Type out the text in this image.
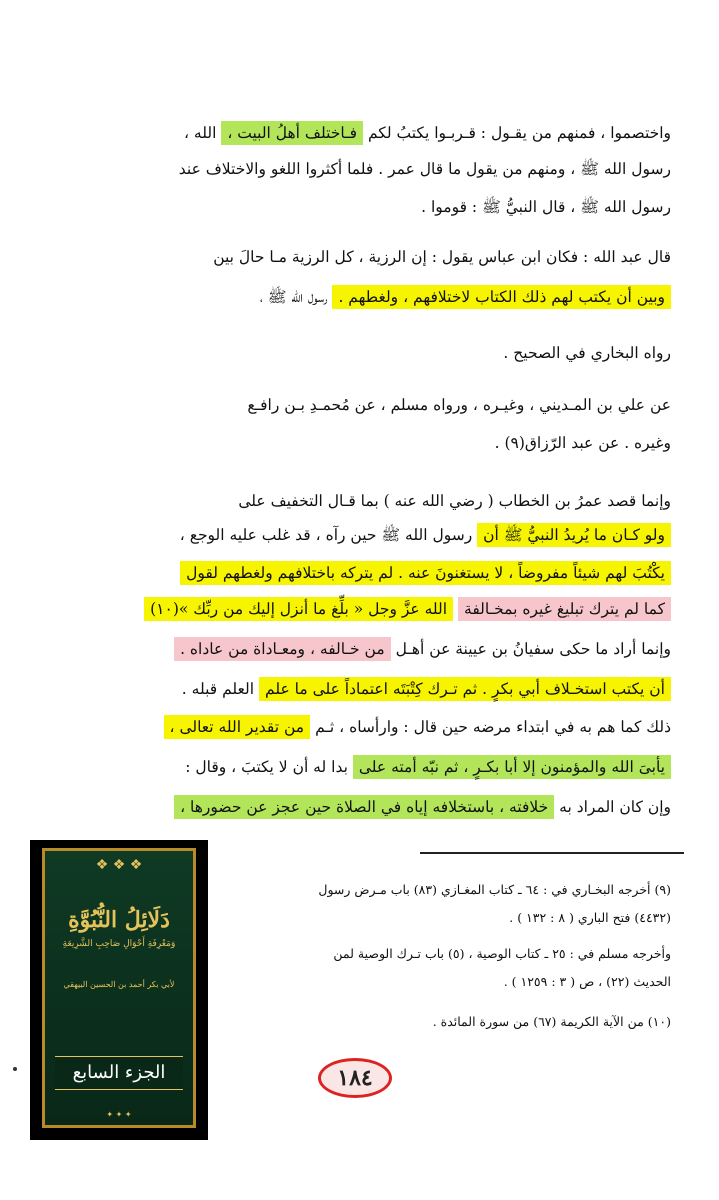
واختصموا ، فمنهم من يقـول : قـربـوا يكتبُ لكم فـاختلف أهلُ البيت ، الله ،
رسول الله ﷺ ، ومنهم من يقول ما قال عمر . فلما أكثروا اللغو والاختلاف عند
رسول الله ﷺ ، قال النبيُّ ﷺ : قوموا .
قال عبد الله : فكان ابن عباس يقول : إن الرزية ، كل الرزية مـا حالَ بين
وبين أن يكتب لهم ذلك الكتاب لاختلافهم ، ولغطهم . رسول الله ﷺ ،
رواه البخاري في الصحيح .
عن علي بن المـديني ، وغيـره ، ورواه مسلم ، عن مُحمـدِ بـن رافـع
وغيره . عن عبد الرّزاق(٩) .
وإنما قصد عمرُ بن الخطاب ( رضي الله عنه ) بما قـال التخفيف على
ولو كـان ما يُريدُ النبيُّ ﷺ أن رسول الله ﷺ حين رآه ، قد غلب عليه الوجع ،
يكْتُبَ لهم شيئاً مفروضاً ، لا يستغنونَ عنه . لم يتركه باختلافهم ولغطهم لقول
كما لم يترك تبليغ غيره بمخـالفة الله عزَّ وجل « بلِّغ ما أنزل إليك من ربِّك »(١٠)
وإنما أراد ما حكى سفيانُ بن عيينة عن أهـل من خـالفه ، ومعـاداة من عاداه .
أن يكتب استخـلاف أبي بكرٍ . ثم تـرك كِتْبَتَه اعتماداً على ما علم العلم قبله .
ذلك كما هم به في ابتداء مرضه حين قال : وارأساه ، ثـم من تقدير الله تعالى ،
يأبىَ الله والمؤمنون إلا أبا بكـرٍ ، ثم نبّه أمته على بدا له أن لا يكتبَ ، وقال :
وإن كان المراد به خلافته ، باستخلافه إياه في الصلاة حين عجز عن حضورها ،
(٩) أخرجه البخـاري في : ٦٤ ـ كتاب المغـازي (٨٣) باب مـرض رسول
(٤٤٣٢) فتح الباري ( ٨ : ١٣٢ ) .
وأخرجه مسلم في : ٢٥ ـ كتاب الوصية ، (٥) باب تـرك الوصية لمن
الحديث (٢٢) ، ص ( ٣ : ١٢٥٩ ) .
(١٠) من الآية الكريمة (٦٧) من سورة المائدة .
❖ ❖ ❖
دَلَائِلُ النُّبُوَّةِ
وَمَعْرِفَةِ أَحْوَالِ صَاحِبِ الشَّرِيعَةِ
لأبي بكر أحمد بن الحسين البيهقي
الجزء السابع
✦ ✦ ✦
١٨٤
